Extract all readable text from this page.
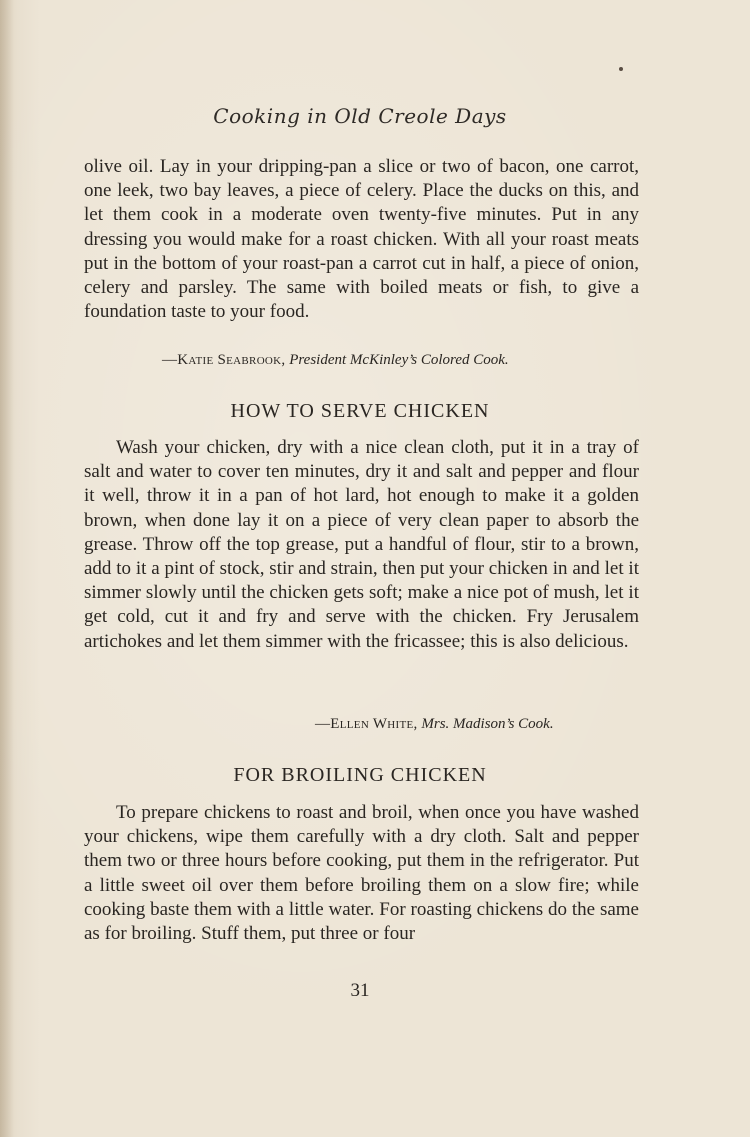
Cooking in Old Creole Days

olive oil. Lay in your dripping-pan a slice or two of bacon, one carrot, one leek, two bay leaves, a piece of celery. Place the ducks on this, and let them cook in a moderate oven twenty-five minutes. Put in any dressing you would make for a roast chicken. With all your roast meats put in the bottom of your roast-pan a carrot cut in half, a piece of onion, celery and parsley. The same with boiled meats or fish, to give a foundation taste to your food.

—Katie Seabrook, President McKinley’s Colored Cook.
HOW TO SERVE CHICKEN

Wash your chicken, dry with a nice clean cloth, put it in a tray of salt and water to cover ten minutes, dry it and salt and pepper and flour it well, throw it in a pan of hot lard, hot enough to make it a golden brown, when done lay it on a piece of very clean paper to absorb the grease. Throw off the top grease, put a handful of flour, stir to a brown, add to it a pint of stock, stir and strain, then put your chicken in and let it simmer slowly until the chicken gets soft; make a nice pot of mush, let it get cold, cut it and fry and serve with the chicken. Fry Jerusalem artichokes and let them simmer with the fricassee; this is also delicious.

—Ellen White, Mrs. Madison’s Cook.
FOR BROILING CHICKEN

To prepare chickens to roast and broil, when once you have washed your chickens, wipe them carefully with a dry cloth. Salt and pepper them two or three hours before cooking, put them in the refrigerator. Put a little sweet oil over them before broiling them on a slow fire; while cooking baste them with a little water. For roasting chickens do the same as for broiling. Stuff them, put three or four

31
